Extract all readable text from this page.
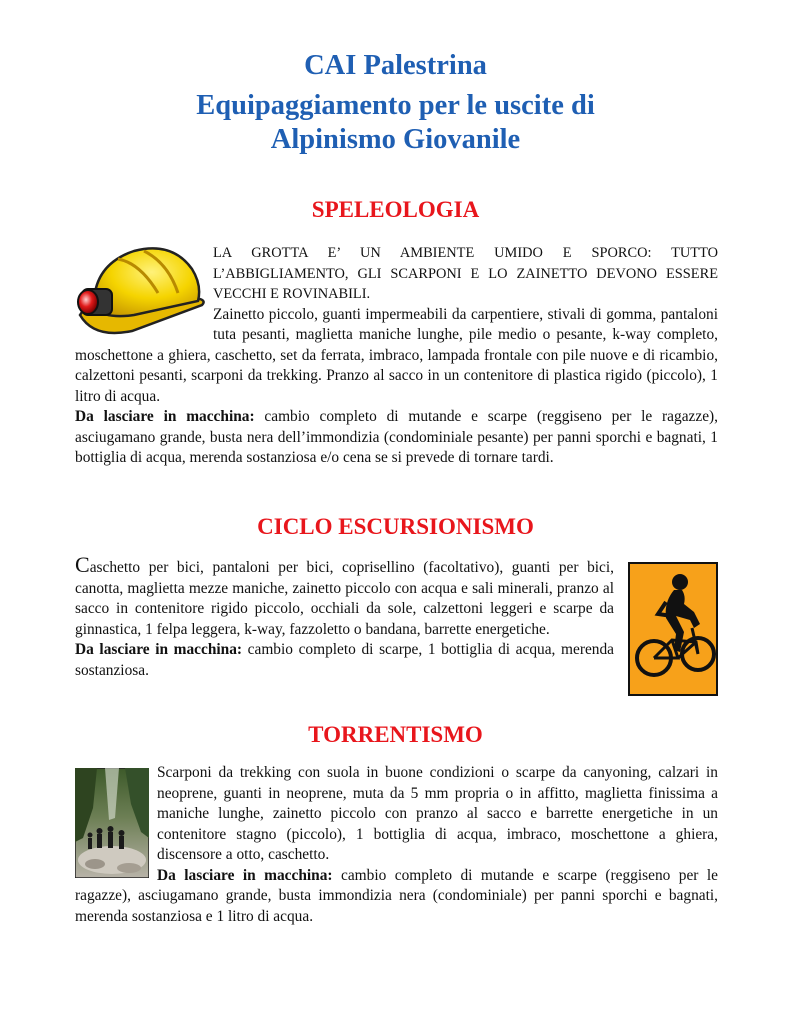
CAI Palestrina
Equipaggiamento per le uscite di
Alpinismo Giovanile
SPELEOLOGIA

LA GROTTA E’ UN AMBIENTE UMIDO E SPORCO: TUTTO L’ABBIGLIAMENTO, GLI SCARPONI E LO ZAINETTO DEVONO ESSERE VECCHI E ROVINABILI.
Zainetto piccolo, guanti impermeabili da carpentiere, stivali di gomma, pantaloni tuta pesanti, maglietta maniche lunghe, pile medio o pesante, k-way completo, moschettone a ghiera, caschetto, set da ferrata, imbraco, lampada frontale con pile nuove e di ricambio, calzettoni pesanti, scarponi da trekking. Pranzo al sacco in un contenitore di plastica rigido (piccolo), 1 litro di acqua.
Da lasciare in macchina: cambio completo di mutande e scarpe (reggiseno per le ragazze), asciugamano grande, busta nera dell’immondizia (condominiale pesante) per panni sporchi e bagnati, 1 bottiglia di acqua, merenda sostanziosa e/o cena se si prevede di tornare tardi.

CICLO ESCURSIONISMO

Caschetto per bici, pantaloni per bici, coprisellino (facoltativo), guanti per bici, canotta, maglietta mezze maniche, zainetto piccolo con acqua e sali minerali, pranzo al sacco in contenitore rigido piccolo, occhiali da sole, calzettoni leggeri e scarpe da ginnastica, 1 felpa leggera, k-way, fazzoletto o bandana, barrette energetiche.
Da lasciare in macchina: cambio completo di scarpe, 1 bottiglia di acqua, merenda sostanziosa.

TORRENTISMO

Scarponi da trekking con suola in buone condizioni o scarpe da canyoning, calzari in neoprene, guanti in neoprene, muta da 5 mm propria o in affitto, maglietta finissima a maniche lunghe, zainetto piccolo con pranzo al sacco e barrette energetiche in un contenitore stagno (piccolo), 1 bottiglia di acqua, imbraco, moschettone a ghiera, discensore a otto, caschetto.
Da lasciare in macchina: cambio completo di mutande e scarpe (reggiseno per le ragazze), asciugamano grande, busta immondizia nera (condominiale) per panni sporchi e bagnati, merenda sostanziosa e 1 litro di acqua.
